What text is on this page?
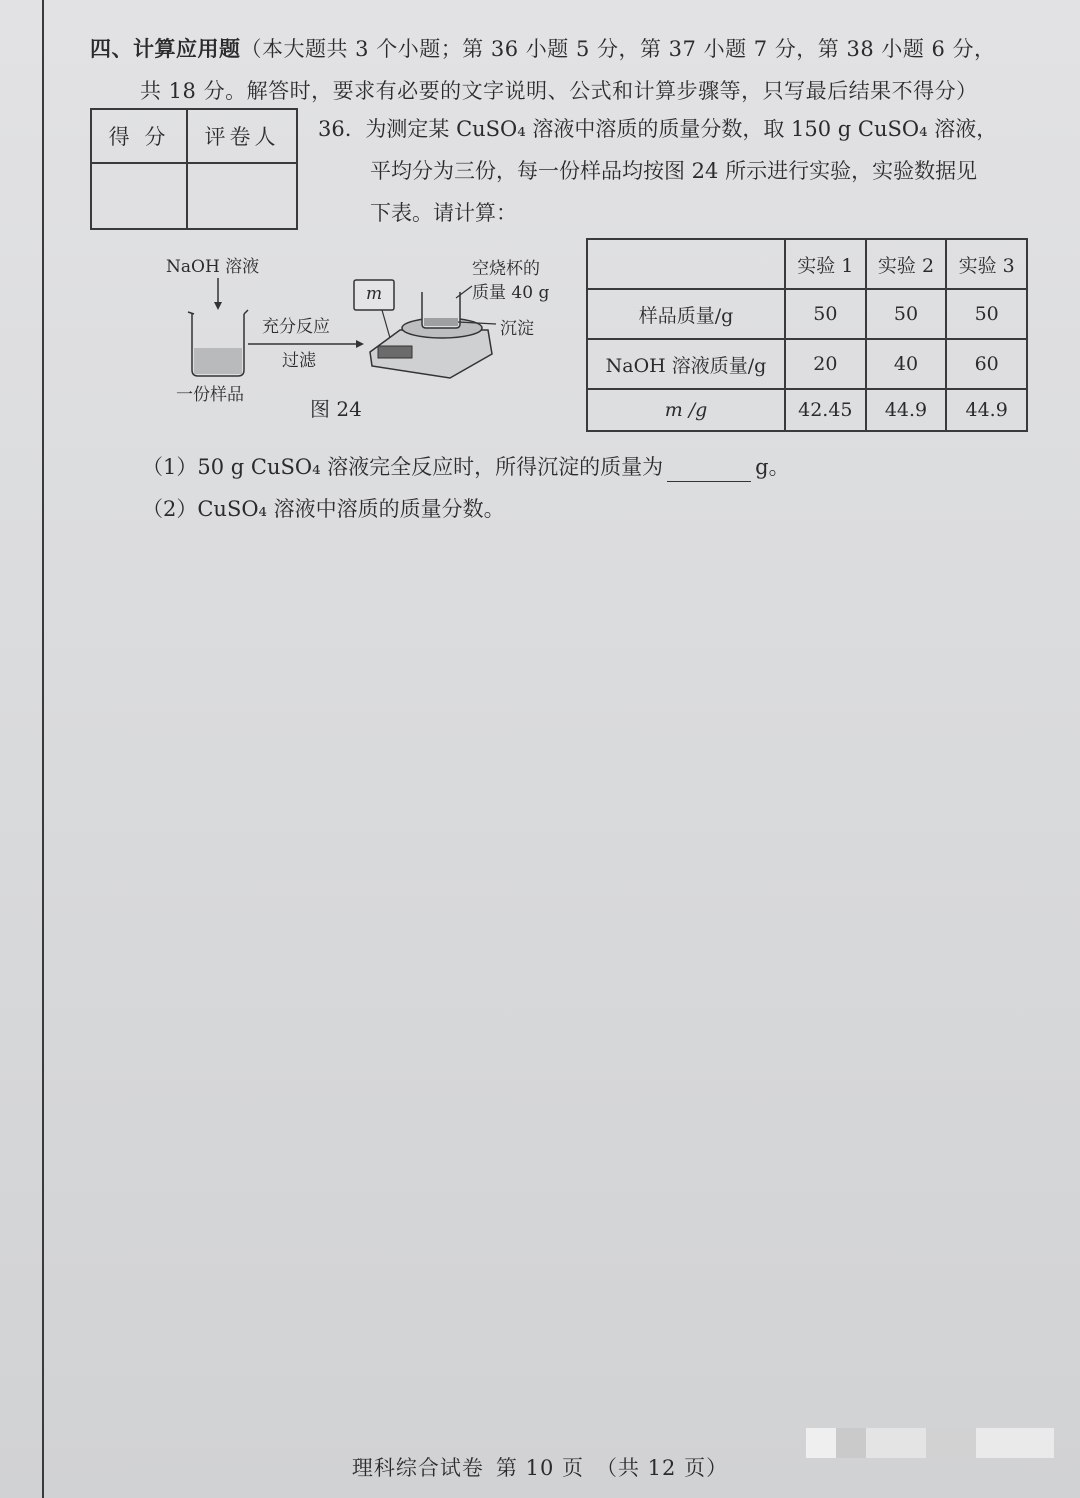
四、计算应用题（本大题共 3 个小题；第 36 小题 5 分，第 37 小题 7 分，第 38 小题 6 分，
共 18 分。解答时，要求有必要的文字说明、公式和计算步骤等，只写最后结果不得分）
得 分	评卷人	36. 为测定某 CuSO₄ 溶液中溶质的质量分数，取 150 g CuSO₄ 溶液，
平均分为三份，每一份样品均按图 24 所示进行实验，实验数据见
下表。请计算：
NaOH 溶液
一份样品
充分反应
过滤
m
空烧杯的
质量 40 g
沉淀
图 24
	实验 1	实验 2	实验 3
样品质量/g	50	50	50
NaOH 溶液质量/g	20	40	60
m /g	42.45	44.9	44.9
（1）50 g CuSO₄ 溶液完全反应时，所得沉淀的质量为	g。
（2）CuSO₄ 溶液中溶质的质量分数。
理科综合试卷 第 10 页 （共 12 页）
